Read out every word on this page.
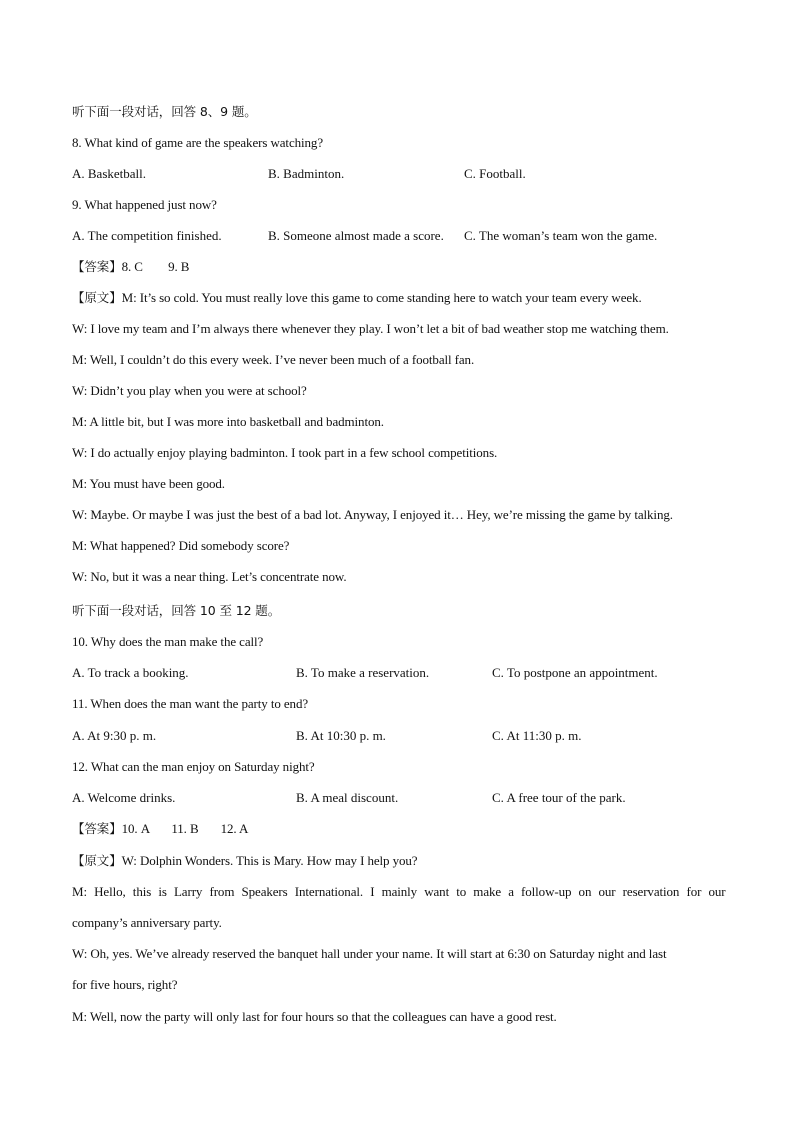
听下面一段对话，回答 8、9 题。
8. What kind of game are the speakers watching?
A. Basketball.	B. Badminton.	C. Football.
9. What happened just now?
A. The competition finished.	B. Someone almost made a score. C. The woman’s team won the game.
【答案】8. C        9. B
【原文】M: It’s so cold. You must really love this game to come standing here to watch your team every week.
W: I love my team and I’m always there whenever they play. I won’t let a bit of bad weather stop me watching them.
M: Well, I couldn’t do this every week. I’ve never been much of a football fan.
W: Didn’t you play when you were at school?
M: A little bit, but I was more into basketball and badminton.
W: I do actually enjoy playing badminton. I took part in a few school competitions.
M: You must have been good.
W: Maybe. Or maybe I was just the best of a bad lot. Anyway, I enjoyed it… Hey, we’re missing the game by talking.
M: What happened? Did somebody score?
W: No, but it was a near thing. Let’s concentrate now.
听下面一段对话，回答 10 至 12 题。
10. Why does the man make the call?
A. To track a booking.	B. To make a reservation.	C. To postpone an appointment.
11. When does the man want the party to end?
A. At 9:30 p. m.	B. At 10:30 p. m.	C. At 11:30 p. m.
12. What can the man enjoy on Saturday night?
A. Welcome drinks.	B. A meal discount.	C. A free tour of the park.
【答案】10. A       11. B       12. A
【原文】W: Dolphin Wonders. This is Mary. How may I help you?
M: Hello, this is Larry from Speakers International. I mainly want to make a follow-up on our reservation for our
company’s anniversary party.
W: Oh, yes. We’ve already reserved the banquet hall under your name. It will start at 6:30 on Saturday night and last
for five hours, right?
M: Well, now the party will only last for four hours so that the colleagues can have a good rest.
